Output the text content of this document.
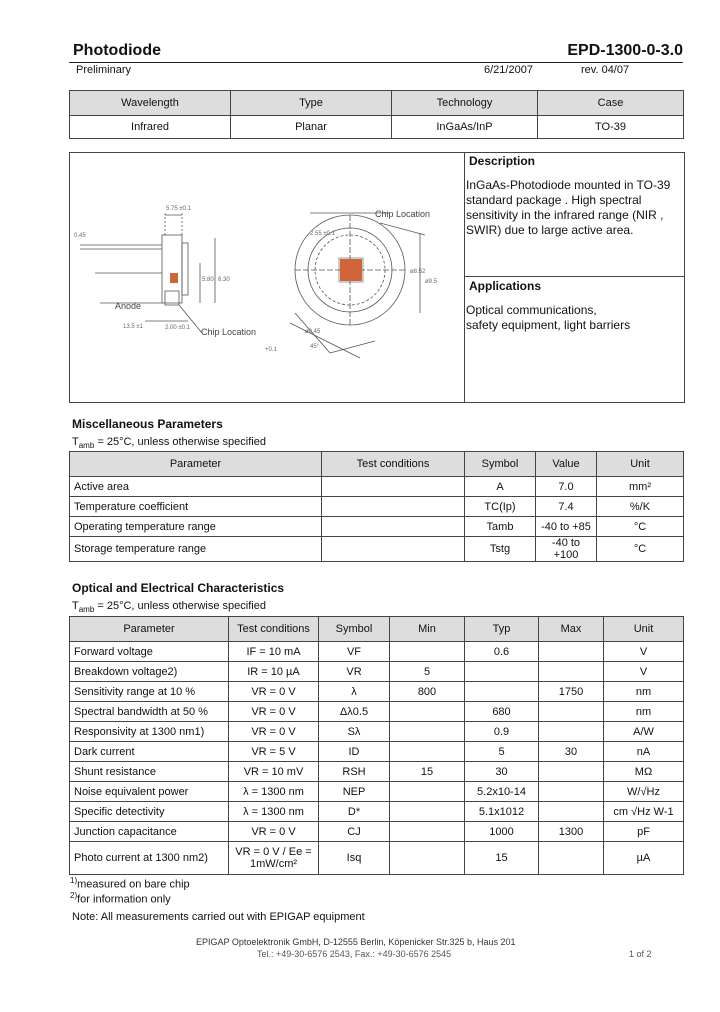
Photodiode	EPD-1300-0-3.0
Preliminary	6/21/2007	rev. 04/07
Wavelength	Type	Technology	Case
Infrared	Planar	InGaAs/InP	TO-39
5.75 ±0.1
0.45
5.80 6.30
13.5 ±1	2.00 ±0.1
2.55 ±0.1
ø8.52
ø9.5
ø0.45
45°
+0.1
Chip Location
Chip Location
Anode
Description
InGaAs-Photodiode mounted in TO-39
standard package . High spectral
sensitivity in the infrared range (NIR ,
SWIR) due to large active area.
Applications
Optical communications,
safety equipment, light barriers
Miscellaneous Parameters
$T_{amb} = 25^\circ C$, unless otherwise specified
Parameter	Test conditions	Symbol	Value	Unit
Active area		A	7.0	mm²
Temperature coefficient		TC(Ip)	7.4	%/K
Operating temperature range		Tamb	-40 to +85	°C
Storage temperature range		Tstg	-40 to +100	°C
Optical and Electrical Characteristics
$T_{amb} = 25^\circ C$, unless otherwise specified
Parameter	Test conditions	Symbol	Min	Typ	Max	Unit
Forward voltage	IF = 10 mA	VF		0.6		V
Breakdown voltage2)	IR = 10 µA	VR	5			V
Sensitivity range at 10 %	VR = 0 V	λ	800		1750	nm
Spectral bandwidth at 50 %	VR = 0 V	Δλ0.5		680		nm
Responsivity at 1300 nm1)	VR = 0 V	Sλ		0.9		A/W
Dark current	VR = 5 V	ID		5	30	nA
Shunt resistance	VR = 10 mV	RSH	15	30		MΩ
Noise equivalent power	λ = 1300 nm	NEP		5.2x10-14		W/√Hz
Specific detectivity	λ = 1300 nm	D*		5.1x1012		cm √Hz W-1
Junction capacitance	VR = 0 V	CJ		1000	1300	pF
Photo current at 1300 nm2)	VR = 0 V / Ee = 1mW/cm²	Isq		15		µA
$^{1)}$measured on bare chip
$^{2)}$for information only
Note: All measurements carried out with EPIGAP equipment
EPIGAP Optoelektronik GmbH, D-12555 Berlin, Köpenicker Str.325 b, Haus 201
Tel.: +49-30-6576 2543, Fax.: +49-30-6576 2545	1 of 2
